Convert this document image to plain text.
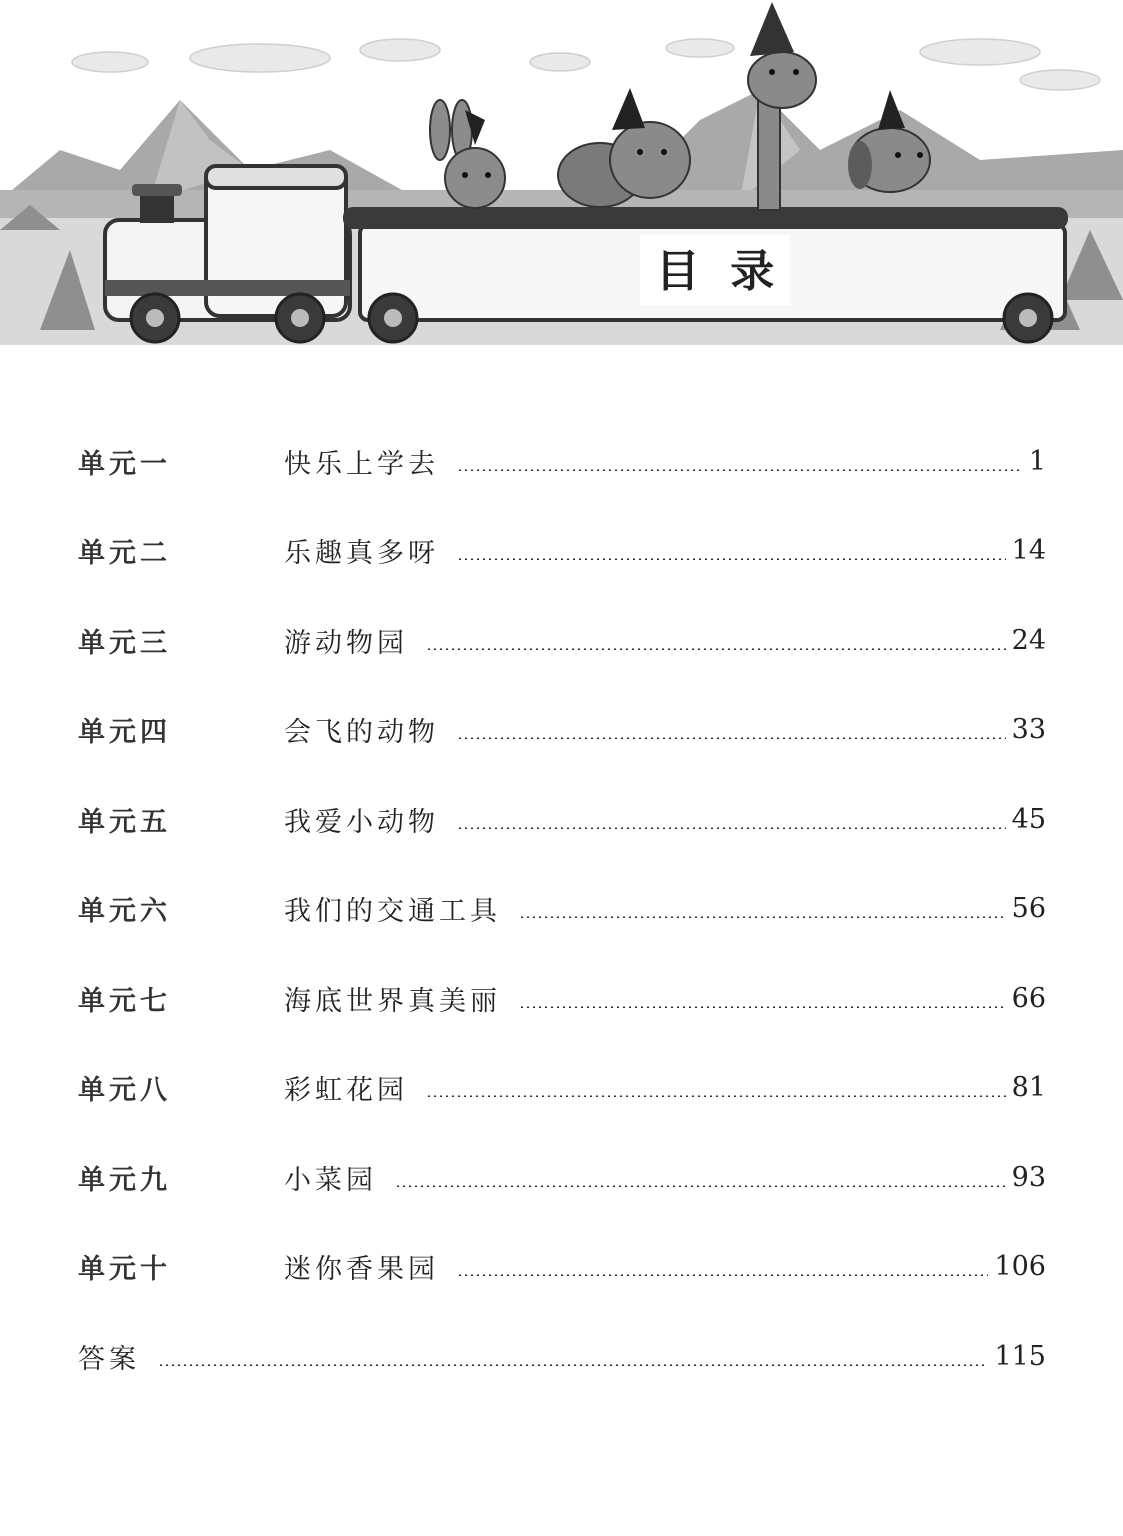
目  录
单元一	快乐上学去	1
单元二	乐趣真多呀	14
单元三	游动物园	24
单元四	会飞的动物	33
单元五	我爱小动物	45
单元六	我们的交通工具	56
单元七	海底世界真美丽	66
单元八	彩虹花园	81
单元九	小菜园	93
单元十	迷你香果园	106
答案	115
